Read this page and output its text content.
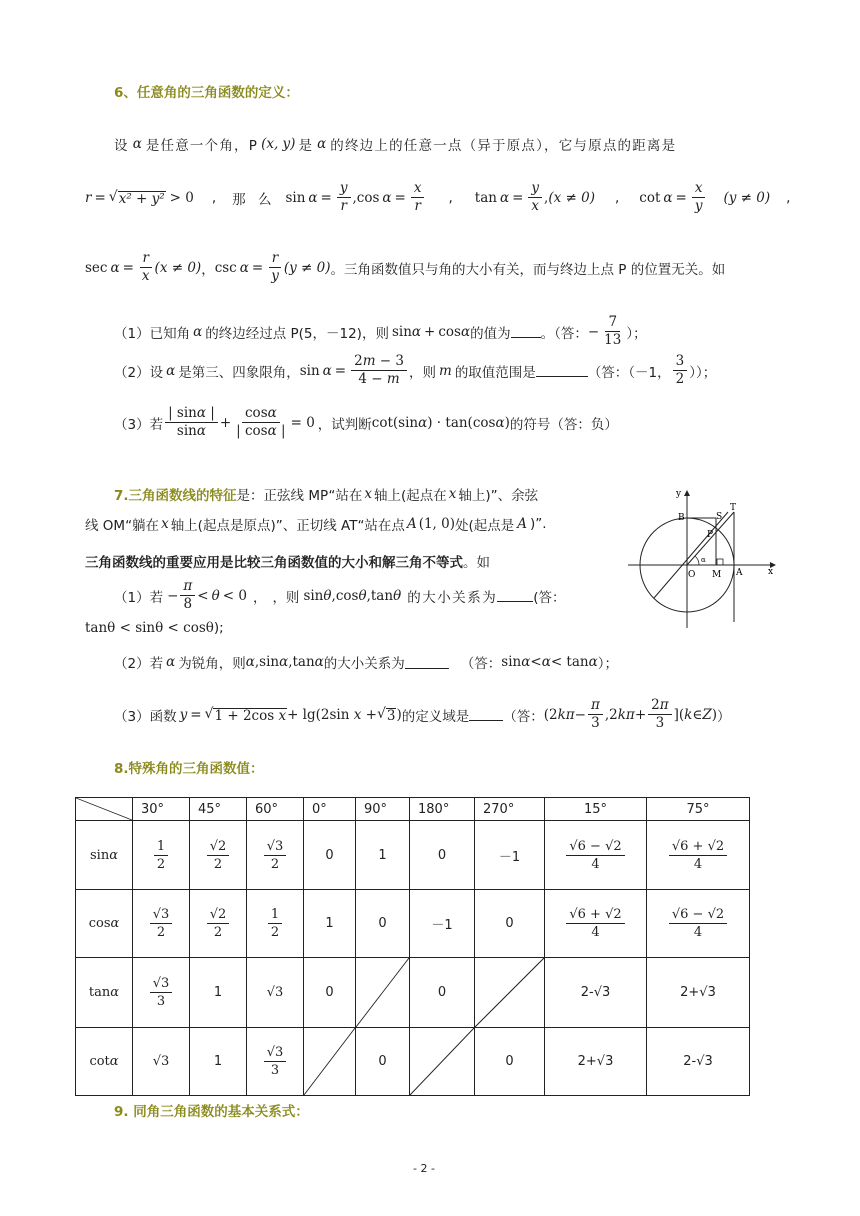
6、任意角的三角函数的定义：
设 α 是任意一个角，P (x, y) 是 α 的终边上的任意一点（异于原点），它与原点的距离是
r = √ x² + y² > 0 , 那 么 $\sin \alpha = \frac{y}{r} ,\cos$ $\alpha = \frac{x}{r}$ , $\tan \alpha = \frac{y}{x}$ , (x ≠ 0) , $\cot \alpha = \frac{x}{y} (y \ne 0)$ ,
$\sec \alpha = \frac{r}{x} (x \ne 0)$ ， $\csc \alpha = \frac{r}{y} (y \ne 0)$ 。三角函数值只与角的大小有关，而与终边上点 P 的位置无关。如
（1）已知角 α 的终边经过点 P(5，－12)，则 sin α + cos α 的值为 。（答： − $\frac{7}{13}$ ）；
（2）设 α 是第三、四象限角， $\sin \alpha = \frac{2m - 3}{4 - m}$ ，则 m 的取值范围是	（答：（－1， $\frac{3}{2}$ ））；
（3）若 $\frac{| \sin\alpha |}{\sin\alpha} + \frac{\cos\alpha}{| \cos\alpha |} = 0$ ，试判断 cot(sin α ) · tan(cos α ) 的符号（答：负）
7.三角函数线的特征 是：正弦线 MP“站在 x 轴上(起点在 x 轴上)”、余弦
线 OM“躺在 x 轴上(起点是原点)”、正切线 AT“站在点 A (1, 0) 处(起点是 A )”.
三角函数线的重要应用是比较三角函数值的大小和解三角不等式 。如
（1）若 − $\frac{\pi}{8} < \theta < 0$ ， ，则 sin θ ,cos θ ,tan θ 的大小关系为	(答：
tanθ < sinθ < cosθ );
（2）若 α 为锐角，则 α ,sin α ,tan α 的大小关系为	（答： sin α < α < tan α ）；
（3）函数 y = √ 1 + 2cos x + lg(2sin x + √ 3 ) 的定义域是	（答： (2 $k\pi - \frac{\pi}{3} ,2$ $k\pi + \frac{2\pi}{3}$ ]( k ∈ Z ) ）
y
x
B	S
T
P
O M A
α
8.特殊角的三角函数值：
	30°	45°	60°	0°	90°	180°	270°	15°	75°
sinα	$\frac{1}{2}$	$\frac{√2}{2}$	$\frac{√3}{2}$	0	1	0	－1	$\frac{√6 - √2}{4}$	$\frac{√6 + √2}{4}$

cosα	$\frac{√3}{2}$	$\frac{√2}{2}$	$\frac{1}{2}$	1	0	－1	0	$\frac{√6 + √2}{4}$	$\frac{√6 - √2}{4}$

tanα	$\frac{√3}{3}$	1	√3	0		0		2-√3	2+√3
cotα	√3	1	$\frac{√3}{3}$		0		0	2+√3	2-√3
9. 同角三角函数的基本关系式：
- 2 -
